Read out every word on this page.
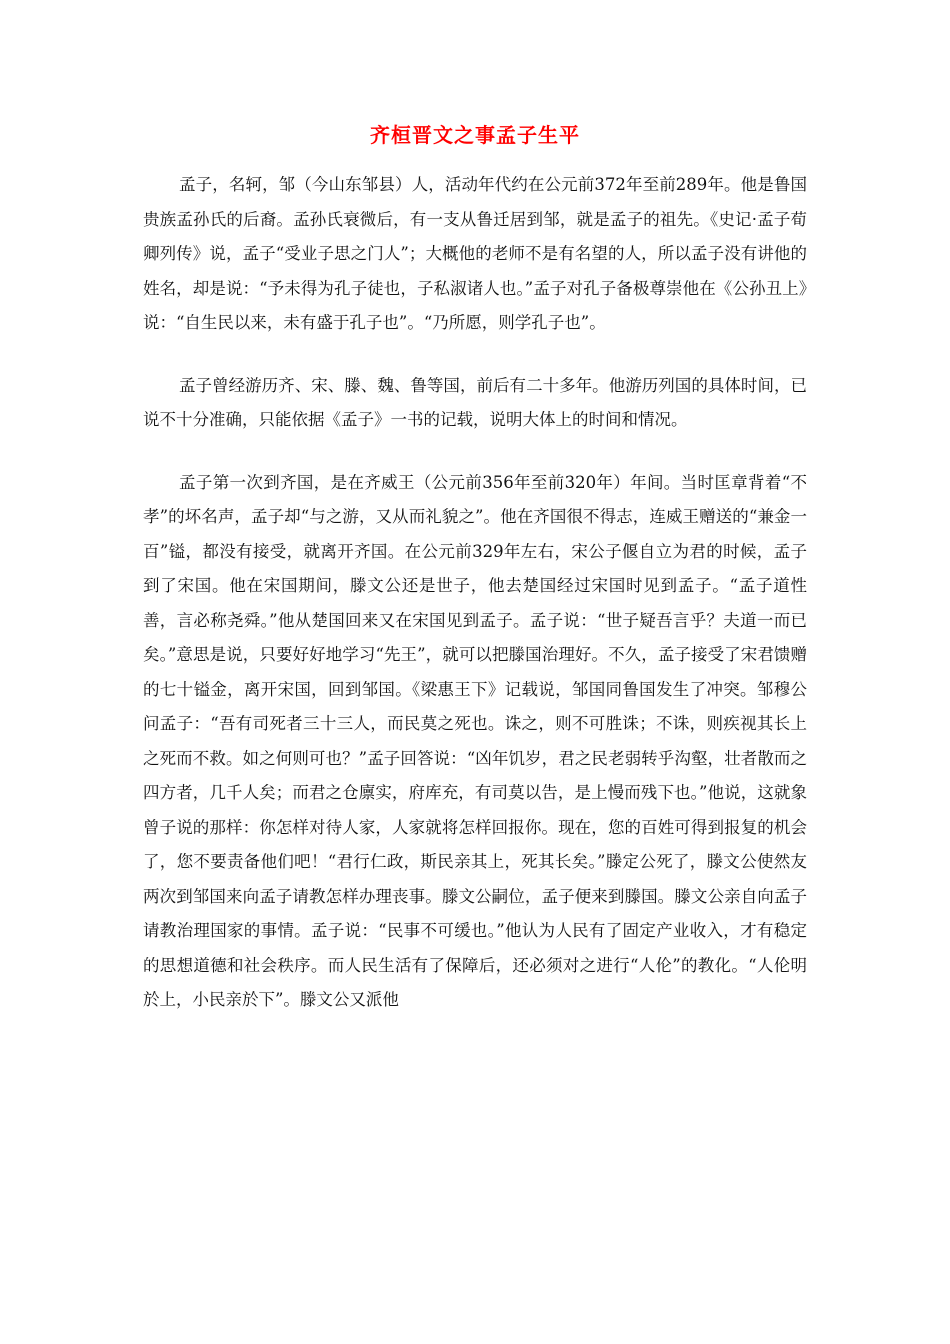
齐桓晋文之事孟子生平

孟子，名轲，邹（今山东邹县）人，活动年代约在公元前372年至前289年。他是鲁国贵族孟孙氏的后裔。孟孙氏衰微后，有一支从鲁迁居到邹，就是孟子的祖先。《史记·孟子荀卿列传》说，孟子“受业子思之门人”；大概他的老师不是有名望的人，所以孟子没有讲他的姓名，却是说：“予未得为孔子徒也，子私淑诸人也。”孟子对孔子备极尊崇他在《公孙丑上》说：“自生民以来，未有盛于孔子也”。“乃所愿，则学孔子也”。

孟子曾经游历齐、宋、滕、魏、鲁等国，前后有二十多年。他游历列国的具体时间，已说不十分准确，只能依据《孟子》一书的记载，说明大体上的时间和情况。

孟子第一次到齐国，是在齐威王（公元前356年至前320年）年间。当时匡章背着“不孝”的坏名声，孟子却“与之游，又从而礼貌之”。他在齐国很不得志，连威王赠送的“兼金一百”镒，都没有接受，就离开齐国。在公元前329年左右，宋公子偃自立为君的时候，孟子到了宋国。他在宋国期间，滕文公还是世子，他去楚国经过宋国时见到孟子。“孟子道性善，言必称尧舜。”他从楚国回来又在宋国见到孟子。孟子说：“世子疑吾言乎？夫道一而已矣。”意思是说，只要好好地学习“先王”，就可以把滕国治理好。不久，孟子接受了宋君馈赠的七十镒金，离开宋国，回到邹国。《梁惠王下》记载说，邹国同鲁国发生了冲突。邹穆公问孟子：“吾有司死者三十三人，而民莫之死也。诛之，则不可胜诛；不诛，则疾视其长上之死而不救。如之何则可也？”孟子回答说：“凶年饥岁，君之民老弱转乎沟壑，壮者散而之四方者，几千人矣；而君之仓廪实，府库充，有司莫以告，是上慢而残下也。”他说，这就象曾子说的那样：你怎样对待人家，人家就将怎样回报你。现在，您的百姓可得到报复的机会了，您不要责备他们吧！“君行仁政，斯民亲其上，死其长矣。”滕定公死了，滕文公使然友两次到邹国来向孟子请教怎样办理丧事。滕文公嗣位，孟子便来到滕国。滕文公亲自向孟子请教治理国家的事情。孟子说：“民事不可缓也。”他认为人民有了固定产业收入，才有稳定的思想道德和社会秩序。而人民生活有了保障后，还必须对之进行“人伦”的教化。“人伦明於上，小民亲於下”。滕文公又派他
